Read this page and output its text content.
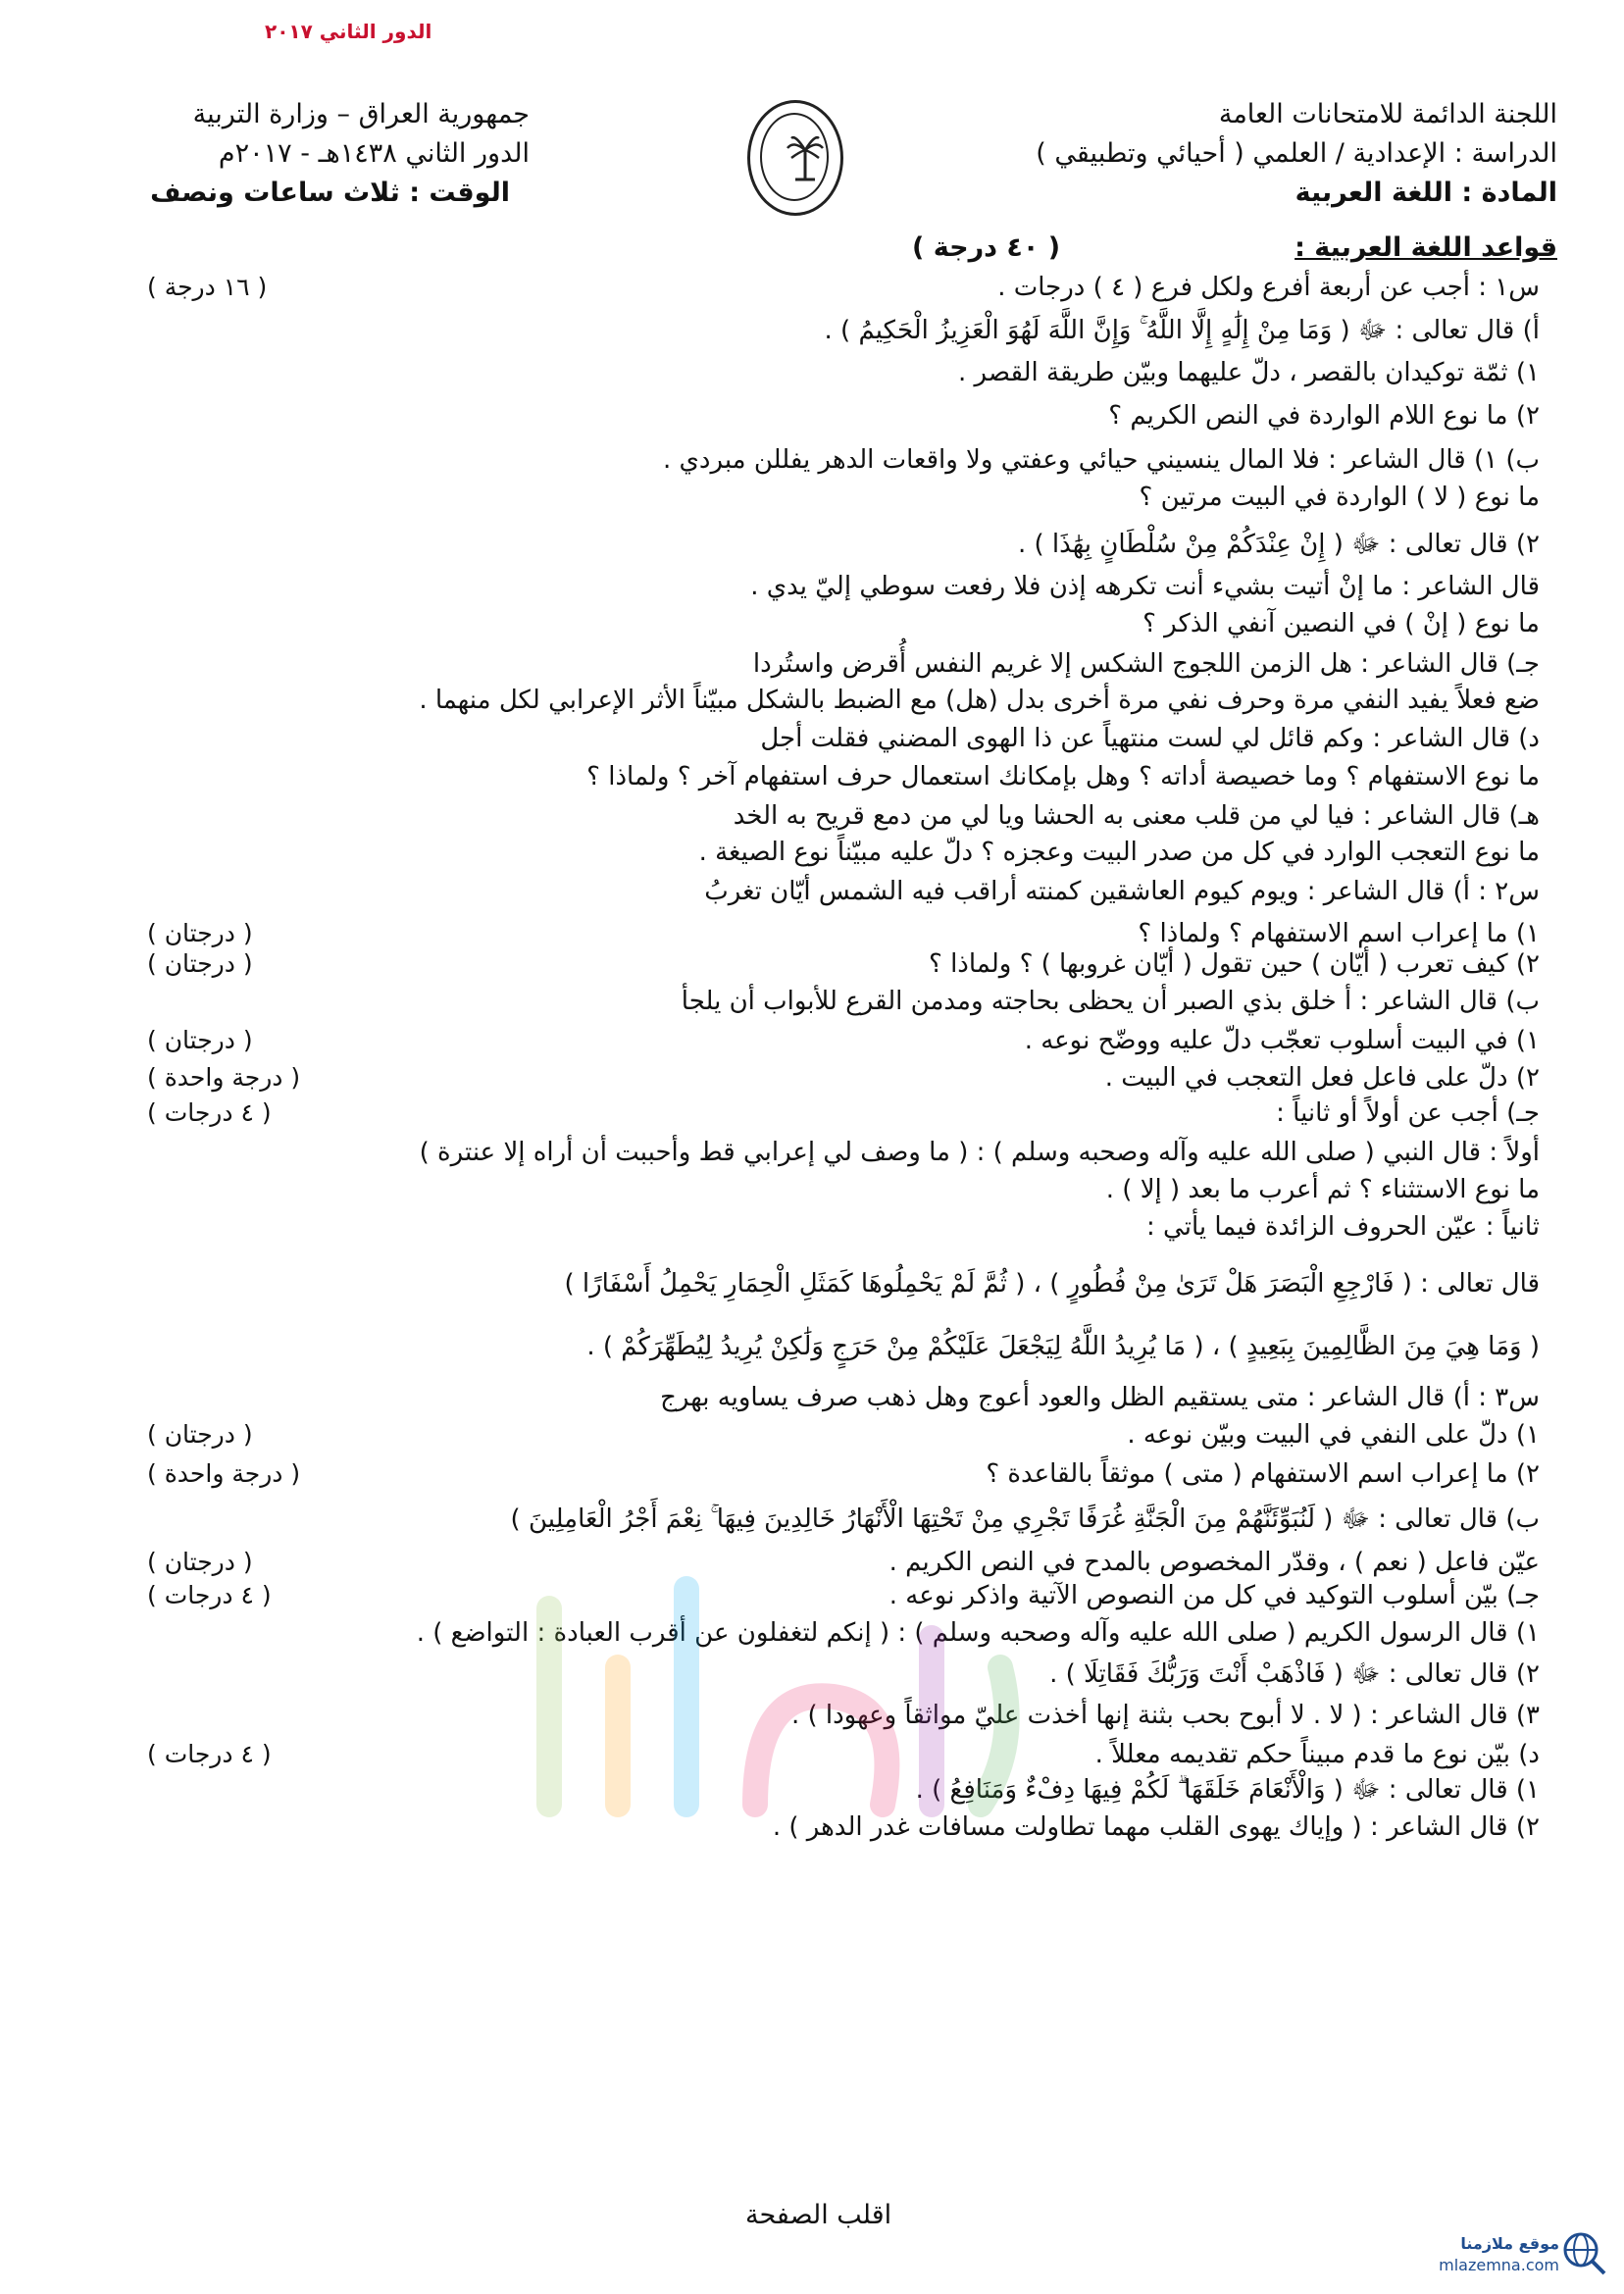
الدور الثاني ٢٠١٧
اللجنة الدائمة للامتحانات العامة
الدراسة : الإعدادية / العلمي ( أحيائي وتطبيقي )
المادة : اللغة العربية
جمهورية العراق – وزارة التربية
الدور الثاني ١٤٣٨هـ - ٢٠١٧م
الوقت : ثلاث ساعات ونصف
قواعد اللغة العربية :
( ٤٠ درجة )
س١ : أجب عن أربعة أفرع ولكل فرع ( ٤ ) درجات .
( ١٦ درجة )
أ) قال تعالى : ﷻ ( وَمَا مِنْ إِلَٰهٍ إِلَّا اللَّهُ ۚ وَإِنَّ اللَّهَ لَهُوَ الْعَزِيزُ الْحَكِيمُ ) .
١) ثمّة توكيدان بالقصر ، دلّ عليهما وبيّن طريقة القصر .
٢) ما نوع اللام الواردة في النص الكريم ؟
ب) ١) قال الشاعر : فلا المال ينسيني حيائي وعفتي ولا واقعات الدهر يفللن مبردي .
ما نوع ( لا ) الواردة في البيت مرتين ؟
٢) قال تعالى : ﷻ ( إِنْ عِنْدَكُمْ مِنْ سُلْطَانٍ بِهَٰذَا ) .
قال الشاعر : ما إنْ أتيت بشيء أنت تكرهه إذن فلا رفعت سوطي إليّ يدي .
ما نوع ( إنْ ) في النصين آنفي الذكر ؟
جـ) قال الشاعر : هل الزمن اللجوج الشكس إلا غريم النفس أُقرض واستُردا
ضع فعلاً يفيد النفي مرة وحرف نفي مرة أخرى بدل (هل) مع الضبط بالشكل مبيّناً الأثر الإعرابي لكل منهما .
د) قال الشاعر : وكم قائل لي لست منتهياً عن ذا الهوى المضني فقلت أجل
ما نوع الاستفهام ؟ وما خصيصة أداته ؟ وهل بإمكانك استعمال حرف استفهام آخر ؟ ولماذا ؟
هـ) قال الشاعر : فيا لي من قلب معنى به الحشا ويا لي من دمع قريح به الخد
ما نوع التعجب الوارد في كل من صدر البيت وعجزه ؟ دلّ عليه مبيّناً نوع الصيغة .
س٢ : أ) قال الشاعر : ويوم كيوم العاشقين كمنته أراقب فيه الشمس أيّان تغربُ
١) ما إعراب اسم الاستفهام ؟ ولماذا ؟
( درجتان )
٢) كيف تعرب ( أيّان ) حين تقول ( أيّان غروبها ) ؟ ولماذا ؟
( درجتان )
ب) قال الشاعر : أ خلق بذي الصبر أن يحظى بحاجته ومدمن القرع للأبواب أن يلجأ
١) في البيت أسلوب تعجّب دلّ عليه ووضّح نوعه .
( درجتان )
٢) دلّ على فاعل فعل التعجب في البيت .
( درجة واحدة )
جـ) أجب عن أولاً أو ثانياً :
( ٤ درجات )
أولاً : قال النبي ( صلى الله عليه وآله وصحبه وسلم ) : ( ما وصف لي إعرابي قط وأحببت أن أراه إلا عنترة )
ما نوع الاستثناء ؟ ثم أعرب ما بعد ( إلا ) .
ثانياً : عيّن الحروف الزائدة فيما يأتي :
قال تعالى : ( فَارْجِعِ الْبَصَرَ هَلْ تَرَىٰ مِنْ فُطُورٍ ) ، ( ثُمَّ لَمْ يَحْمِلُوهَا كَمَثَلِ الْحِمَارِ يَحْمِلُ أَسْفَارًا )
( وَمَا هِيَ مِنَ الظَّالِمِينَ بِبَعِيدٍ ) ، ( مَا يُرِيدُ اللَّهُ لِيَجْعَلَ عَلَيْكُمْ مِنْ حَرَجٍ وَلَٰكِنْ يُرِيدُ لِيُطَهِّرَكُمْ ) .
س٣ : أ) قال الشاعر : متى يستقيم الظل والعود أعوج وهل ذهب صرف يساويه بهرج
١) دلّ على النفي في البيت وبيّن نوعه .
( درجتان )
٢) ما إعراب اسم الاستفهام ( متى ) موثقاً بالقاعدة ؟
( درجة واحدة )
ب) قال تعالى : ﷻ ( لَنُبَوِّئَنَّهُمْ مِنَ الْجَنَّةِ غُرَفًا تَجْرِي مِنْ تَحْتِهَا الْأَنْهَارُ خَالِدِينَ فِيهَا ۚ نِعْمَ أَجْرُ الْعَامِلِينَ )
عيّن فاعل ( نعم ) ، وقدّر المخصوص بالمدح في النص الكريم .
( درجتان )
جـ) بيّن أسلوب التوكيد في كل من النصوص الآتية واذكر نوعه .
( ٤ درجات )
١) قال الرسول الكريم ( صلى الله عليه وآله وصحبه وسلم ) : ( إنكم لتغفلون عن أقرب العبادة : التواضع ) .
٢) قال تعالى : ﷻ ( فَاذْهَبْ أَنْتَ وَرَبُّكَ فَقَاتِلَا ) .
٣) قال الشاعر : ( لا . لا أبوح بحب بثنة إنها أخذت عليّ مواثقاً وعهودا ) .
د) بيّن نوع ما قدم مبيناً حكم تقديمه معللاً .
( ٤ درجات )
١) قال تعالى : ﷻ ( وَالْأَنْعَامَ خَلَقَهَا ۗ لَكُمْ فِيهَا دِفْءٌ وَمَنَافِعُ ) .
٢) قال الشاعر : ( وإياك يهوى القلب مهما تطاولت مسافات غدر الدهر ) .
اقلب الصفحة
موقع ملازمنا
mlazemna.com
